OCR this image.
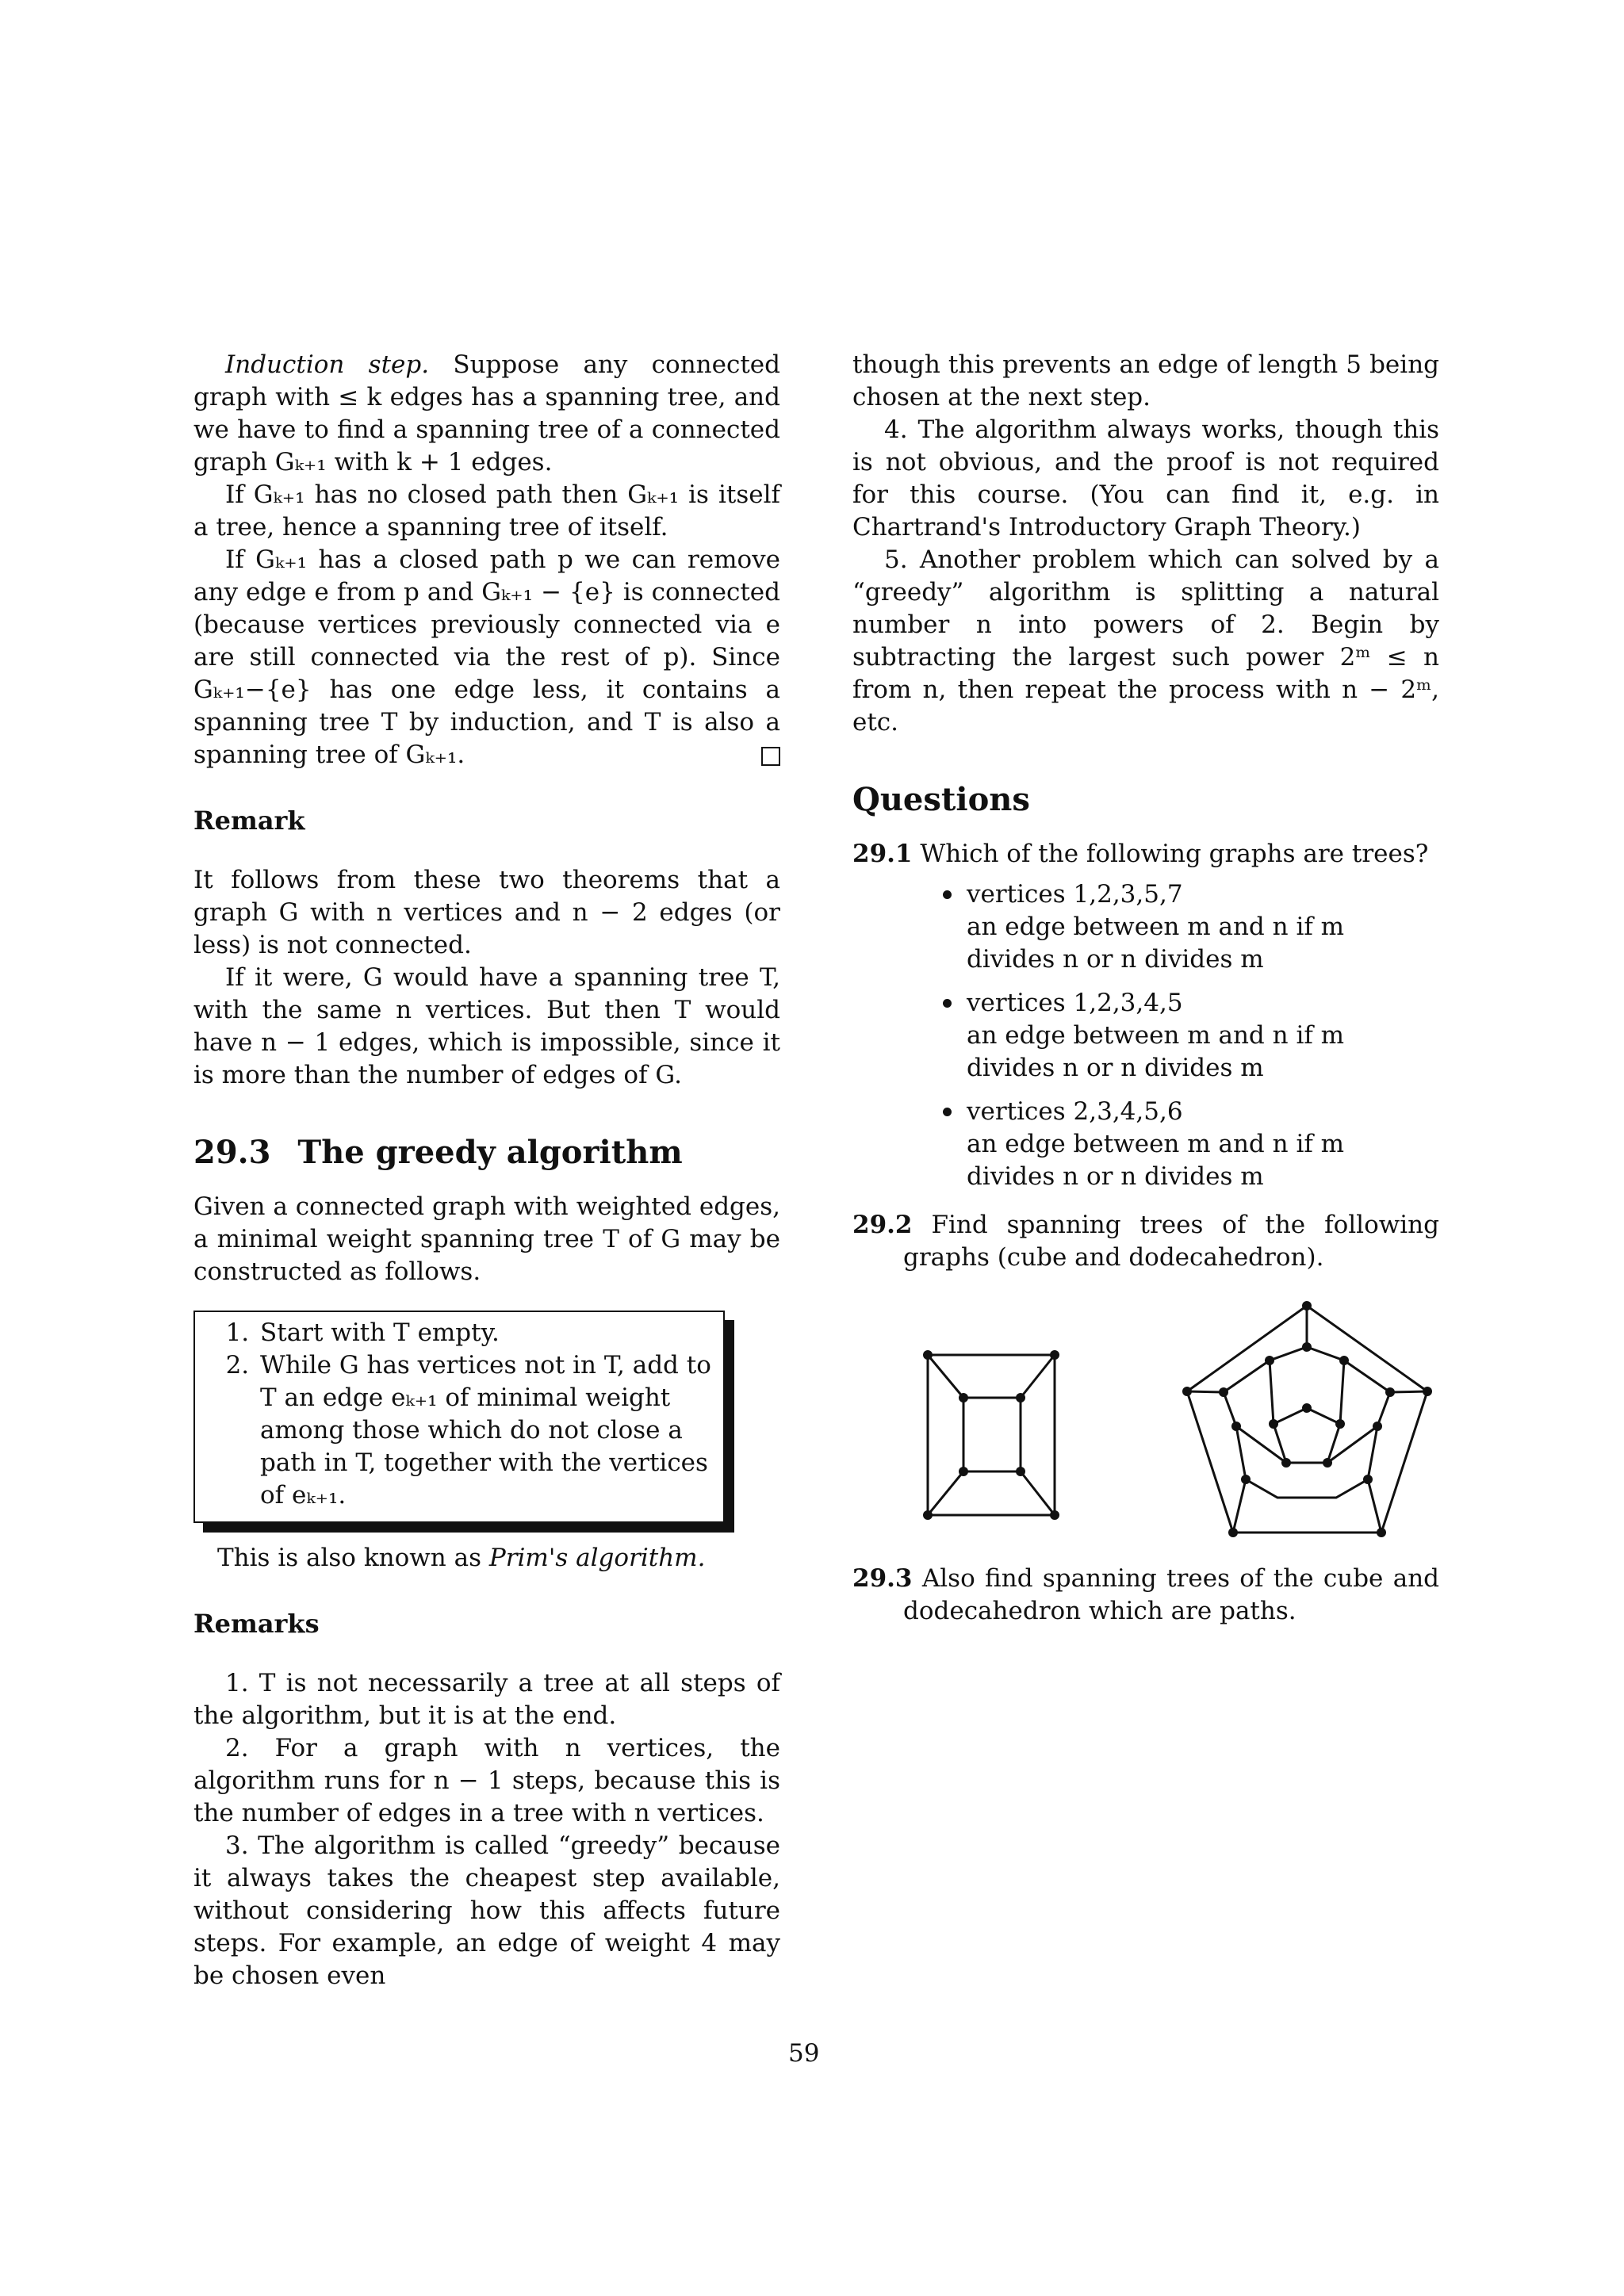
Induction step. Suppose any connected graph with ≤ k edges has a spanning tree, and we have to find a spanning tree of a connected graph Gₖ₊₁ with k + 1 edges.

If Gₖ₊₁ has no closed path then Gₖ₊₁ is itself a tree, hence a spanning tree of itself.

If Gₖ₊₁ has a closed path p we can remove any edge e from p and Gₖ₊₁ − {e} is connected (because vertices previously connected via e are still connected via the rest of p). Since Gₖ₊₁−{e} has one edge less, it contains a spanning tree T by induction, and T is also a spanning tree of Gₖ₊₁.

Remark

It follows from these two theorems that a graph G with n vertices and n − 2 edges (or less) is not connected.

If it were, G would have a spanning tree T, with the same n vertices. But then T would have n − 1 edges, which is impossible, since it is more than the number of edges of G.

29.3 The greedy algorithm

Given a connected graph with weighted edges, a minimal weight spanning tree T of G may be constructed as follows.

1. Start with T empty.
2. While G has vertices not in T, add to T an edge eₖ₊₁ of minimal weight among those which do not close a path in T, together with the vertices of eₖ₊₁.

This is also known as Prim's algorithm.

Remarks

1. T is not necessarily a tree at all steps of the algorithm, but it is at the end.

2. For a graph with n vertices, the algorithm runs for n − 1 steps, because this is the number of edges in a tree with n vertices.

3. The algorithm is called “greedy” because it always takes the cheapest step available, without considering how this affects future steps. For example, an edge of weight 4 may be chosen even

though this prevents an edge of length 5 being chosen at the next step.

4. The algorithm always works, though this is not obvious, and the proof is not required for this course. (You can find it, e.g. in Chartrand's Introductory Graph Theory.)

5. Another problem which can solved by a “greedy” algorithm is splitting a natural number n into powers of 2. Begin by subtracting the largest such power 2ᵐ ≤ n from n, then repeat the process with n − 2ᵐ, etc.

Questions

29.1 Which of the following graphs are trees?

vertices 1,2,3,5,7
an edge between m and n if m divides n or n divides m
vertices 1,2,3,4,5
an edge between m and n if m divides n or n divides m
vertices 2,3,4,5,6
an edge between m and n if m divides n or n divides m

29.2 Find spanning trees of the following graphs (cube and dodecahedron).

29.3 Also find spanning trees of the cube and dodecahedron which are paths.

59
